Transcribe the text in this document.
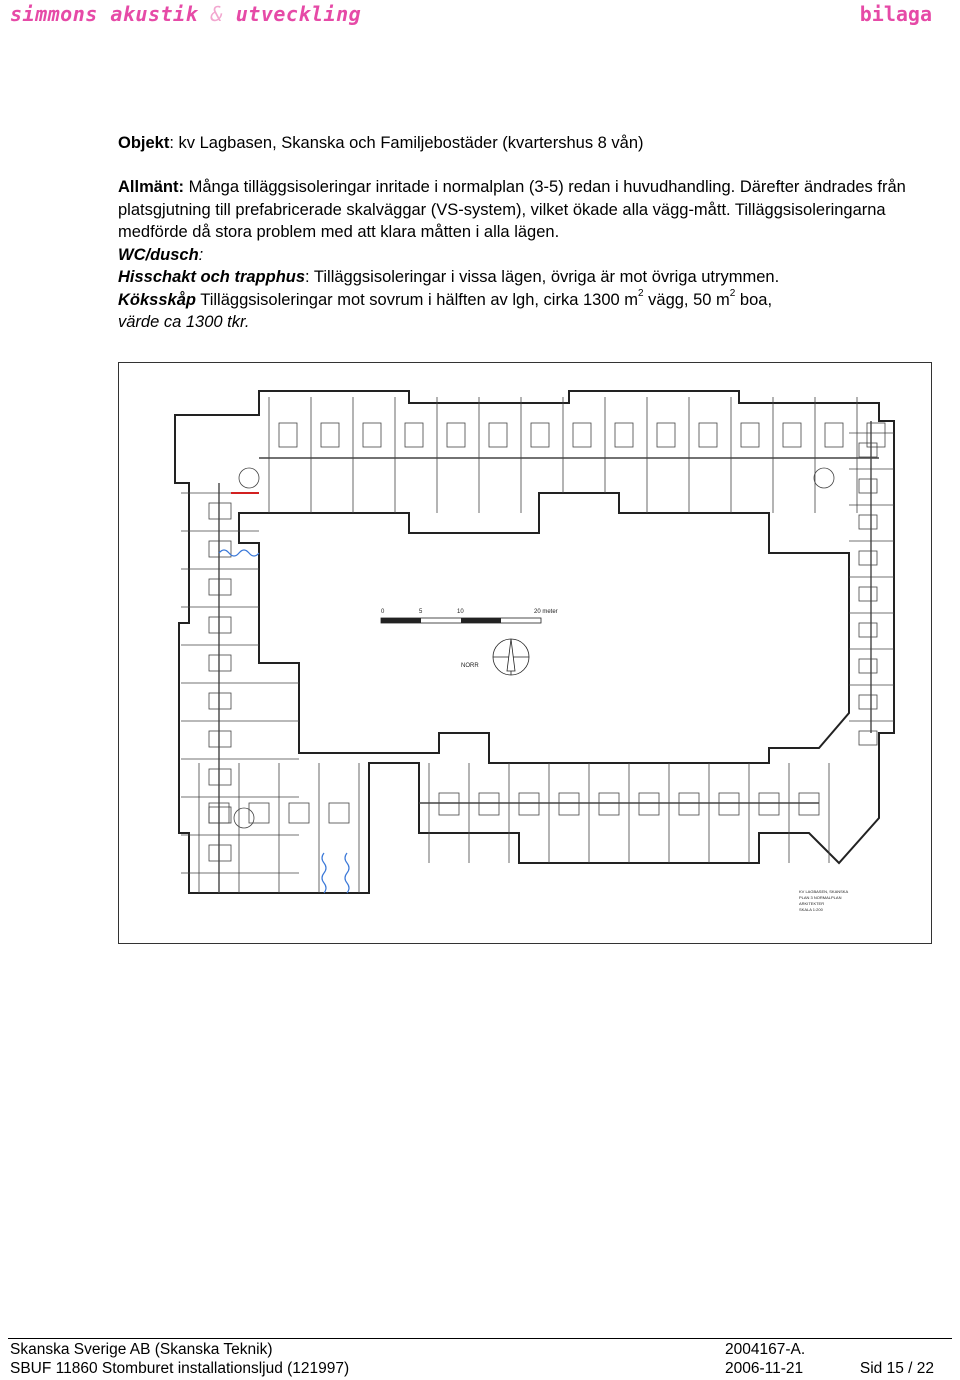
simmons akustik & utveckling	bilaga
Objekt: kv Lagbasen, Skanska och Familjebostäder (kvartershus 8 vån)

Allmänt: Många tilläggsisoleringar inritade i normalplan (3-5) redan i huvudhandling. Därefter ändrades från platsgjutning till prefabricerade skalväggar (VS-system), vilket ökade alla vägg-mått. Tilläggsisoleringarna medförde då stora problem med att klara måtten i alla lägen.

WC/dusch:

Hisschakt och trapphus: Tilläggsisoleringar i vissa lägen, övriga är mot övriga utrymmen.

Köksskåp Tilläggsisoleringar mot sovrum i hälften av lgh, cirka 1300 $m^2$ vägg, 50 $m^2$ boa,
värde ca 1300 tkr.

0	5	10	20 meter
NORR
KV LAGBASEN, SKANSKA
PLAN 3 NORMALPLAN
ARKITEKTER
SKALA 1:200
Skanska Sverige AB (Skanska Teknik)
SBUF 11860 Stomburet installationsljud (121997)
2004167-A.
2006-11-21	Sid 15 / 22
